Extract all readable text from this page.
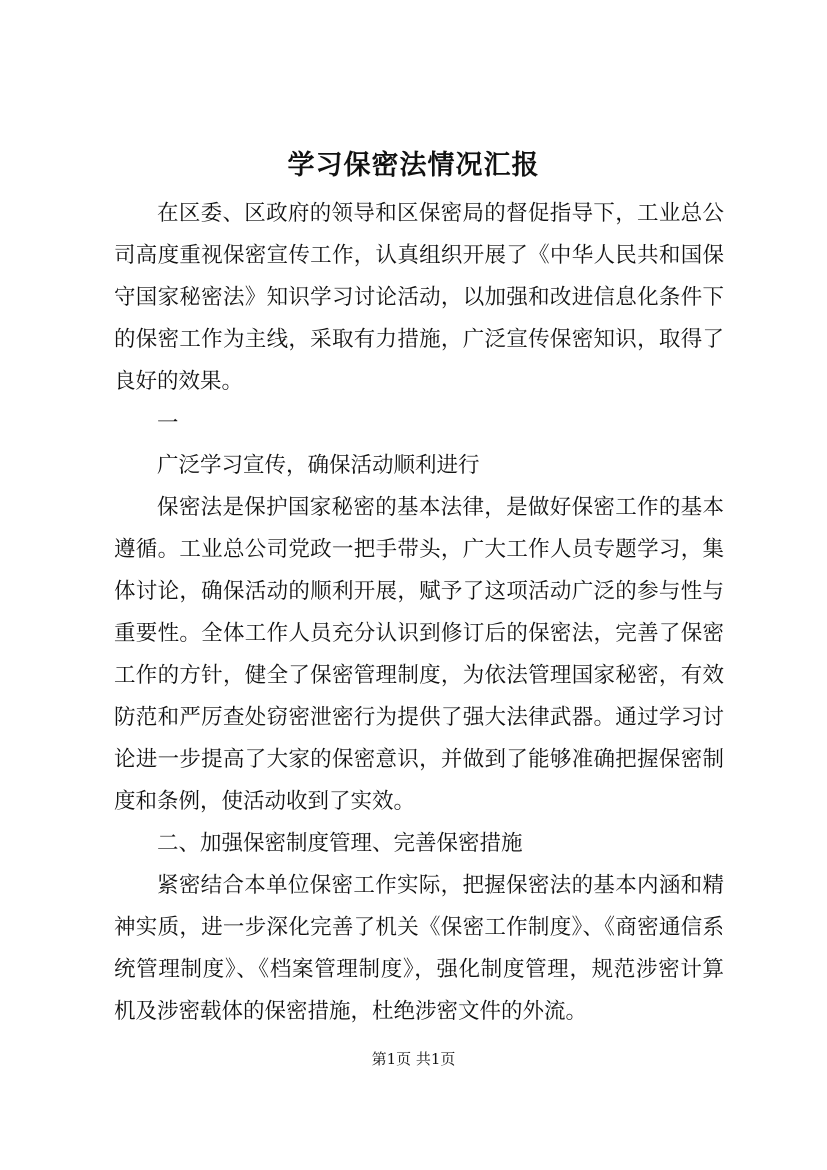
学习保密法情况汇报

在区委、区政府的领导和区保密局的督促指导下，工业总公司高度重视保密宣传工作，认真组织开展了《中华人民共和国保守国家秘密法》知识学习讨论活动，以加强和改进信息化条件下的保密工作为主线，采取有力措施，广泛宣传保密知识，取得了良好的效果。

一

广泛学习宣传，确保活动顺利进行

保密法是保护国家秘密的基本法律，是做好保密工作的基本遵循。工业总公司党政一把手带头，广大工作人员专题学习，集体讨论，确保活动的顺利开展，赋予了这项活动广泛的参与性与重要性。全体工作人员充分认识到修订后的保密法，完善了保密工作的方针，健全了保密管理制度，为依法管理国家秘密，有效防范和严厉查处窃密泄密行为提供了强大法律武器。通过学习讨论进一步提高了大家的保密意识，并做到了能够准确把握保密制度和条例，使活动收到了实效。

二、加强保密制度管理、完善保密措施

紧密结合本单位保密工作实际，把握保密法的基本内涵和精神实质，进一步深化完善了机关《保密工作制度》、《商密通信系统管理制度》、《档案管理制度》，强化制度管理，规范涉密计算机及涉密载体的保密措施，杜绝涉密文件的外流。

第1页 共1页
